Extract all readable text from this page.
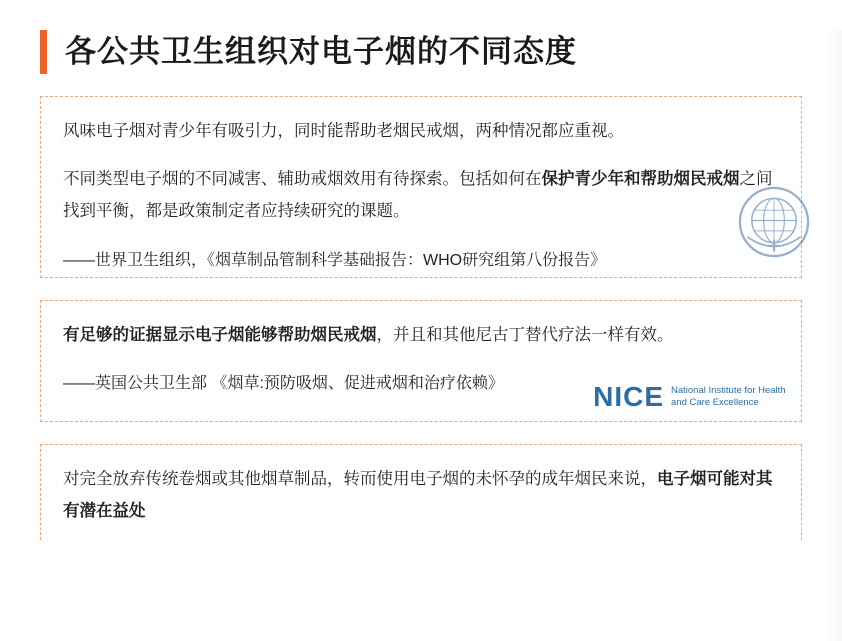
各公共卫生组织对电子烟的不同态度

风味电子烟对青少年有吸引力，同时能帮助老烟民戒烟，两种情况都应重视。

不同类型电子烟的不同减害、辅助戒烟效用有待探索。包括如何在保护青少年和帮助烟民戒烟之间找到平衡，都是政策制定者应持续研究的课题。

——世界卫生组织，《烟草制品管制科学基础报告：WHO研究组第八份报告》

有足够的证据显示电子烟能够帮助烟民戒烟，并且和其他尼古丁替代疗法一样有效。

——英国公共卫生部 《烟草:预防吸烟、促进戒烟和治疗依赖》	NICE National Institute for Health and Care Excellence

对完全放弃传统卷烟或其他烟草制品，转而使用电子烟的未怀孕的成年烟民来说，电子烟可能对其有潜在益处
